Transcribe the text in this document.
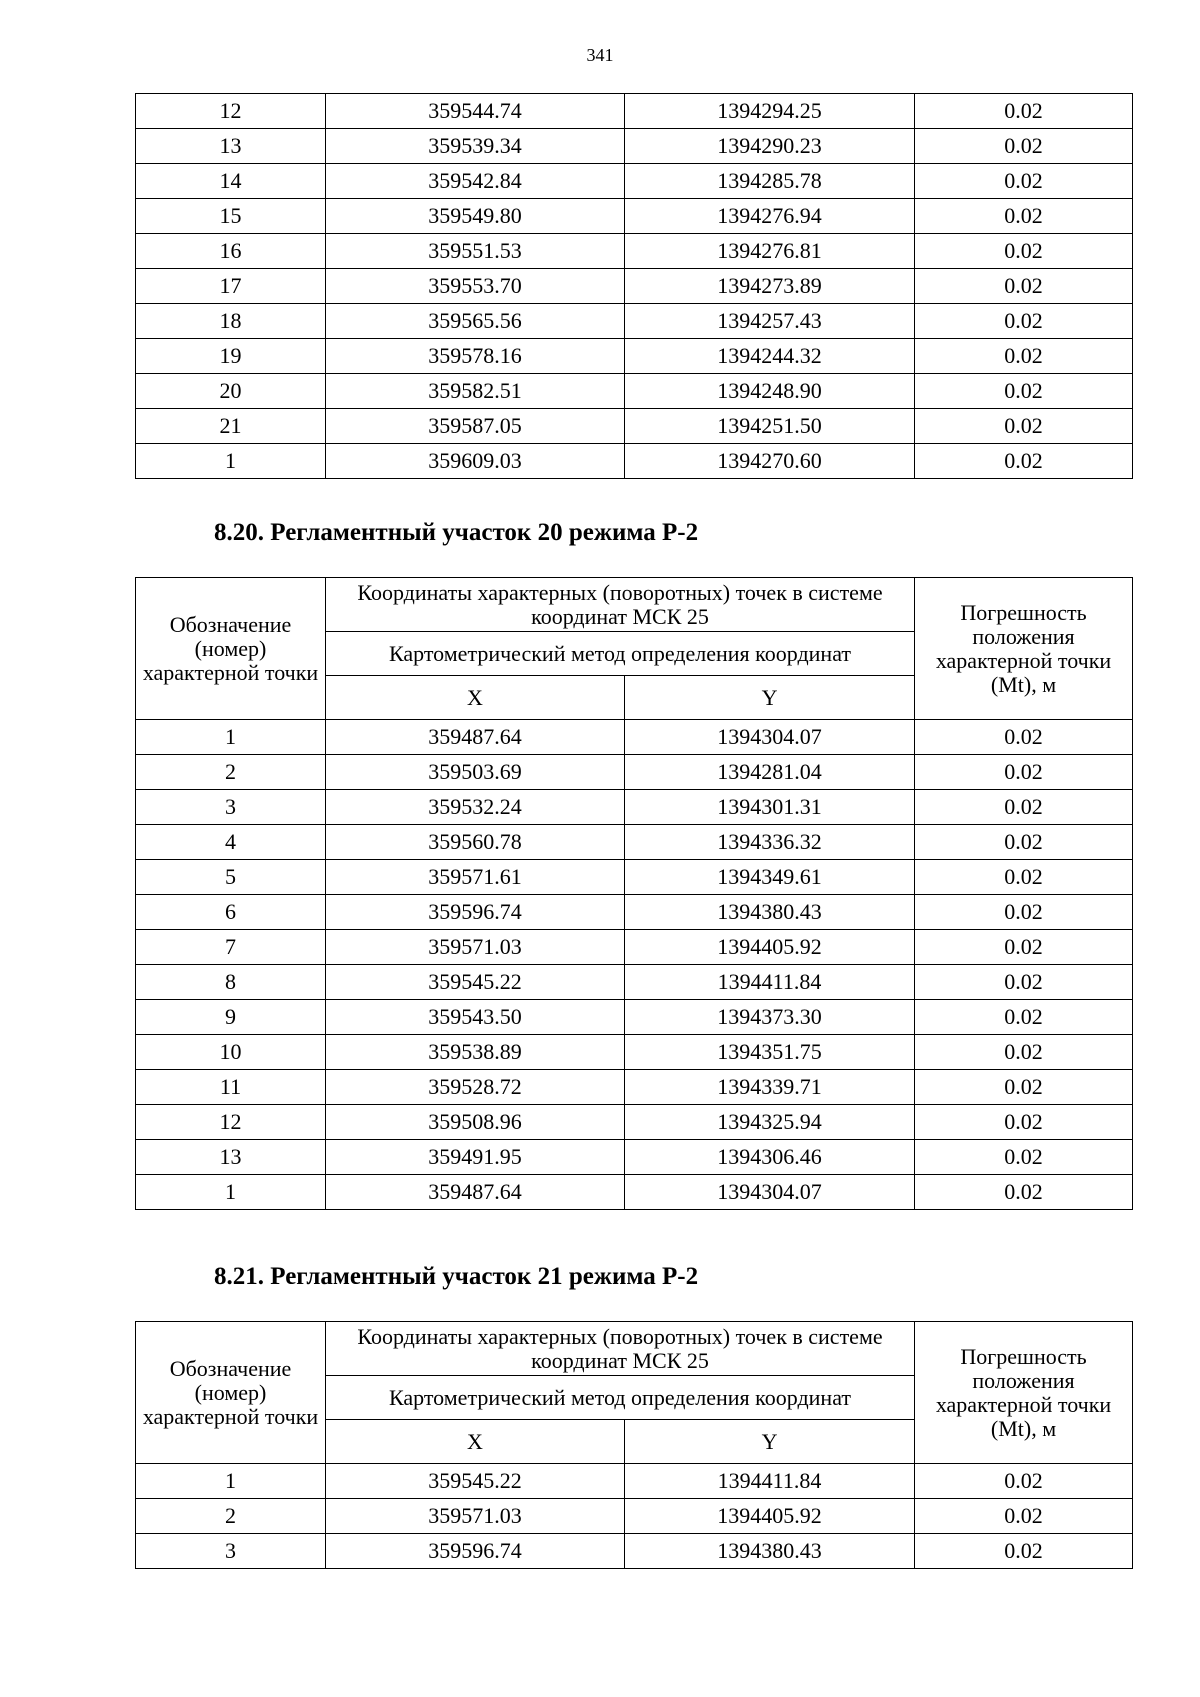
341
12	359544.74	1394294.25	0.02
13	359539.34	1394290.23	0.02
14	359542.84	1394285.78	0.02
15	359549.80	1394276.94	0.02
16	359551.53	1394276.81	0.02
17	359553.70	1394273.89	0.02
18	359565.56	1394257.43	0.02
19	359578.16	1394244.32	0.02
20	359582.51	1394248.90	0.02
21	359587.05	1394251.50	0.02
1	359609.03	1394270.60	0.02
8.20. Регламентный участок 20 режима Р-2
Обозначение (номер) характерной точки	Координаты характерных (поворотных) точек в системе координат МСК 25		Погрешность положения характерной точки (Mt), м
	Картометрический метод определения координат		
	X	Y	
1	359487.64	1394304.07	0.02
2	359503.69	1394281.04	0.02
3	359532.24	1394301.31	0.02
4	359560.78	1394336.32	0.02
5	359571.61	1394349.61	0.02
6	359596.74	1394380.43	0.02
7	359571.03	1394405.92	0.02
8	359545.22	1394411.84	0.02
9	359543.50	1394373.30	0.02
10	359538.89	1394351.75	0.02
11	359528.72	1394339.71	0.02
12	359508.96	1394325.94	0.02
13	359491.95	1394306.46	0.02
1	359487.64	1394304.07	0.02
8.21. Регламентный участок 21 режима Р-2
Обозначение (номер) характерной точки	Координаты характерных (поворотных) точек в системе координат МСК 25		Погрешность положения характерной точки (Mt), м
	Картометрический метод определения координат		
	X	Y	
1	359545.22	1394411.84	0.02
2	359571.03	1394405.92	0.02
3	359596.74	1394380.43	0.02
